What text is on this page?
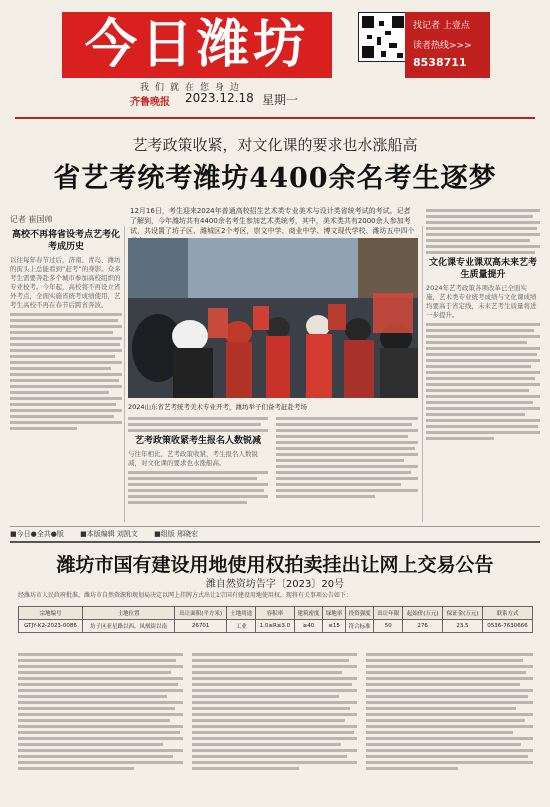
今日潍坊
我们就在您身边
齐鲁晚报 2023.12.18 星期一
找记者 上壹点
读者热线>>>
8538711
艺考政策收紧，对文化课的要求也水涨船高
省艺考统考潍坊4400余名考生逐梦
记者 崔国帅
12月16日，考生迎来2024年普通高校招生艺术类专业美术与设计类省统考试的考试。记者了解到，今年潍坊共有4400余名考生参加艺术类统考，其中，美术类共有2000余人参加考试，共设置了坊子区、潍城区2个考区，崇文中学、商业中学、博文现代学校、潍坊五中四个
高校不再将省设考点艺考化考成历史
以往每年春节过后，济南、青岛、潍坊的街头上总能看到“赶考”的身影。众多考生需要奔赴多个城市参加高校组织的专业校考。今年起，高校将不再设立省外考点，全面实施省统考成绩使用，艺考生高校不再在春节后跨省奔波。
2024山东省艺考统考美术专业开考，潍坊举子们备考赶赴考场
艺考政策收紧考生报名人数锐减
与往年相比，艺考政策收紧，考生报名人数锐减，对文化课的要求也水涨船高。
文化课专业课双高未来艺考生质量提升
2024年艺考政策各项改革已全面实施，艺术类专业统考成绩与文化课成绩均要高于省定线，未来艺考生质量将进一步提升。
■今日●全共●版 ■本版编辑 刘凯文 ■组版 邢晓宏
潍坊市国有建设用地使用权拍卖挂出让网上交易公告
潍自然资坊告字〔2023〕20号
经潍坊市人民政府批准，潍坊市自然资源和规划局决定以网上挂牌方式出让1宗国有建设用地使用权。现将有关事项公告如下：
宗地编号	土地位置	出让面积(平方米)	土地用途	容积率	建筑密度	绿地率	投资强度	出让年限	起始价(万元)	保证金(万元)	联系方式
GTJY-K2-2023-0086	坊子区亚星路以西、凤凰街以南	26701	工业	1.0≤R≤3.0	≥40	≤15	符合标准	50	276	23.5	0536-7630666
